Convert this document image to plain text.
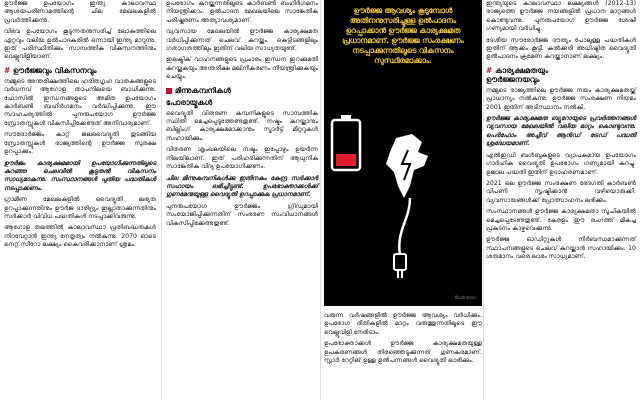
ഊർജ്ജ ഉപയോഗം ഇന്ത്യ കാലാവസ്ഥ ആശയപരിണാമത്തിന്റെ ചില മേഖലകളിൽ പ്രവർത്തിക്കുന്നു.

വിഭവ ഉപയോഗം കൂടുന്നതനുസരിച്ച് ലോകത്തിലെ ഏറ്റവും വലിയ ഉൽപാദകരിൽ ഒന്നായി ഇന്ത്യ മാറുന്നു. ഇത് പരിസ്ഥിതിക്കും സാമ്പത്തിക വികസനത്തിനും വെല്ലുവിളിയാണ്.

# ഊർജ്ജവും വികസനവും

നമ്മുടെ അന്തരീക്ഷത്തിലെ ഹരിതഗൃഹ വാതകങ്ങളുടെ വർധനവ് ആഗോള താപനിലയെ ബാധിക്കുന്നു. ഫോസിൽ ഇന്ധനങ്ങളുടെ അമിത ഉപയോഗം കാർബൺ ബഹിർഗമനം വർദ്ധിപ്പിക്കുന്നു. ഈ സാഹചര്യത്തിൽ പുനരുപയോഗ ഊർജ്ജ സ്രോതസ്സുകൾ വികസിപ്പിക്കേണ്ടത് അനിവാര്യമാണ്.

സൗരോർജ്ജം കാറ്റ് ജലവൈദ്യുതി തുടങ്ങിയ സ്രോതസ്സുകൾ രാജ്യത്തിന്റെ ഊർജ്ജ സുരക്ഷ ഉറപ്പാക്കും.

ഊർജം കാര്യക്ഷമമായി ഉപയോഗിക്കുന്നതിലൂടെ കുറഞ്ഞ ചെലവിൽ കൂടുതൽ വികസനം സാധ്യമാകുന്നു. സംസ്ഥാനങ്ങൾ പുതിയ പദ്ധതികൾ നടപ്പാക്കണം.

ഗ്രാമീണ മേഖലകളിൽ വൈദ്യുതി ലഭ്യത ഉറപ്പാക്കുന്നതിനും ഊർജ ദാരിദ്ര്യം ഇല്ലാതാക്കുന്നതിനും സർക്കാർ വിവിധ പദ്ധതികൾ നടപ്പാക്കിവരുന്നു.

ആഗോള തലത്തിൽ കാലാവസ്ഥാ പ്രതിബദ്ധതകൾ നിറവേറ്റാൻ ഇന്ത്യ നേതൃത്വം നൽകുന്നു. 2070 ഓടെ നെറ്റ് സീറോ ലക്ഷ്യം കൈവരിക്കാനാണ് ശ്രമം.

ഉപഭോഗം കുറയ്ക്കുന്നതിലൂടെ കാർബൺ ബഹിർഗമനം നിയന്ത്രിക്കാം. ഉൽപാദന മേഖലയിലെ സാങ്കേതിക പരിഷ്കരണം അത്യാവശ്യമാണ്.

വ്യവസായ മേഖലയിൽ ഊർജ്ജ കാര്യക്ഷമത വർധിപ്പിക്കുന്നത് ചെലവ് കുറയ്ക്കും. കെട്ടിടങ്ങളിലും ഗതാഗതത്തിലും ഇതിന് വലിയ സാധ്യതയുണ്ട്.

ഇലക്ട്രിക് വാഹനങ്ങളുടെ പ്രചാരം ഇന്ധന ഇറക്കുമതി കുറയ്ക്കുകയും അന്തരീക്ഷ മലിനീകരണം നിയന്ത്രിക്കുകയും ചെയ്യും.

മിന്നുകമ്പനികൾ
പോരായ്മകൾ

വൈദ്യുതി വിതരണ കമ്പനികളുടെ സാമ്പത്തിക സ്ഥിതി മെച്ചപ്പെടുത്തേണ്ടതുണ്ട്. നഷ്ടം കുറയ്ക്കാനും ബില്ലിംഗ് കാര്യക്ഷമമാക്കാനും സ്മാർട്ട് മീറ്ററുകൾ സഹായിക്കും.

വിതരണ ശൃംഖലയിലെ നഷ്ടം ഇപ്പോഴും ഉയർന്ന നിലയിലാണ്. ഇത് പരിഹരിക്കുന്നതിന് ആധുനിക സാങ്കേതിക വിദ്യ ഉപയോഗിക്കണം.

ചില മിന്നുകമ്പനികൾക്കു ഇതിനകം കേന്ദ്ര സർക്കാർ സഹായം ലഭിച്ചിട്ടുണ്ട്. ഉപഭോക്താക്കൾക്ക് ഗുണമേന്മയുള്ള വൈദ്യുതി ഉറപ്പാക്കുക പ്രധാനമാണ്.

പുനരുപയോഗ ഊർജ്ജം ഗ്രിഡുമായി സംയോജിപ്പിക്കുന്നതിന് സംഭരണ സംവിധാനങ്ങൾ വികസിപ്പിക്കേണ്ടതുണ്ട്.

ഊർജ്ജ ആവശ്യം കൂടുമ്പോൾ അതിനനുസരിച്ചുള്ള ഉൽപാദനം ഉറപ്പാക്കാൻ ഊർജ്ജ കാര്യക്ഷമത പ്രധാനമാണ്. ഊർജ്ജ സംരക്ഷണം നടപ്പാക്കുന്നതിലൂടെ വികസനം സുസ്ഥിരമാക്കാം.
Illustration

വരുന്ന വർഷങ്ങളിൽ ഊർജ്ജ ആവശ്യം വർധിക്കും. ഉപഭോഗ രീതികളിൽ മാറ്റം വരുത്തുന്നതിലൂടെ ഈ വെല്ലുവിളി നേരിടാം.

ഉപഭോക്താക്കൾ ഊർജ്ജ കാര്യക്ഷമതയുള്ള ഉപകരണങ്ങൾ തിരഞ്ഞെടുക്കുന്നത് ഗുണകരമാണ്. സ്റ്റാർ റേറ്റിങ് ഉള്ള ഉൽപന്നങ്ങൾ വൈദ്യുതി ലാഭിക്കും.

ഇന്ത്യയുടെ കാലാവസ്ഥാ ലക്ഷ്യങ്ങൾ (2012-13) രാജ്യത്തെ ഊർജ്ജ നയങ്ങളിൽ പ്രധാന മാറ്റങ്ങൾ കൊണ്ടുവന്നു. പുനരുപയോഗ ഊർജ്ജ ശേഷി ഗണ്യമായി വർധിച്ചു.

ദേശീയ സൗരോർജ്ജ ദൗത്യം പോലുള്ള പദ്ധതികൾ ഇതിന് ആക്കം കൂട്ടി. കൽക്കരി അധിഷ്ഠിത വൈദ്യുതി ഉൽപാദനം ക്രമേണ കുറയ്ക്കാനാണ് ലക്ഷ്യം.

# കാര്യക്ഷമതയും
ഊർജ്ജനയവും

നമ്മുടെ രാജ്യത്തിലെ ഊർജ്ജ നയം കാര്യക്ഷമതയ്ക്ക് പ്രാധാന്യം നൽകുന്നു. ഊർജ്ജ സംരക്ഷണ നിയമം 2001 ഇതിന് അടിസ്ഥാനം നൽകി.

ഊർജ്ജ കാര്യക്ഷമത ബ്യൂറോയുടെ പ്രവർത്തനങ്ങൾ വ്യവസായ മേഖലയിൽ വലിയ മാറ്റം കൊണ്ടുവന്നു. പെർഫോം അച്ചീവ് ആൻഡ് ട്രേഡ് പദ്ധതി ശ്രദ്ധേയമാണ്.

എൽഇഡി ബൾബുകളുടെ വ്യാപകമായ ഉപയോഗം ഗാർഹിക വൈദ്യുതി ഉപഭോഗം ഗണ്യമായി കുറച്ചു. ഉജാല പദ്ധതി ഇതിന് ഉദാഹരണമാണ്.

2021 ലെ ഊർജ്ജ സംരക്ഷണ ഭേദഗതി കാർബൺ വിപണി സൃഷ്ടിക്കാൻ വഴിയൊരുക്കി. വ്യവസായങ്ങൾക്ക് പ്രോത്സാഹനം ലഭിക്കും.

സംസ്ഥാനങ്ങൾ ഊർജ്ജ കാര്യക്ഷമതാ സൂചികയിൽ മെച്ചപ്പെടേണ്ടതുണ്ട്. കേരളം ഈ രംഗത്ത് മികച്ച പ്രകടനം കാഴ്ചവെക്കുന്നു.

ഊർജ്ജ ഓഡിറ്റുകൾ നിർബന്ധമാക്കുന്നത് സ്ഥാപനങ്ങളുടെ ചെലവ് കുറയ്ക്കാൻ സഹായിക്കും. 10 ശതമാനം വരെ ലാഭം സാധ്യമാണ്.
